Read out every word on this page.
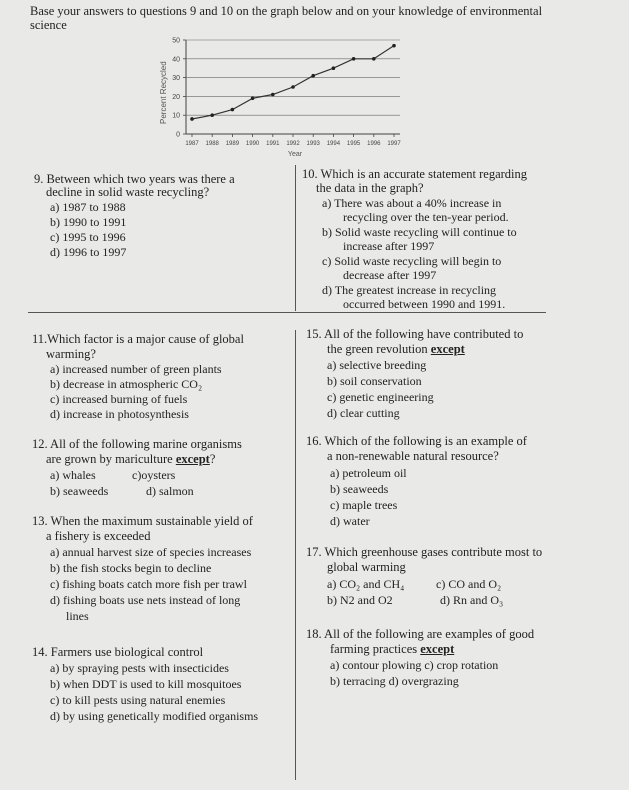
Base your answers to questions 9 and 10 on the graph below and on your knowledge of environmental
science
0
10
20
30
40
50
1987 1988 1989 1990 1991 1992 1993 1994 1995 1996 1997
Percent Recycled
Year
9. Between which two years was there a
decline in solid waste recycling?
a) 1987 to 1988
b) 1990 to 1991
c) 1995 to 1996
d) 1996 to 1997
10. Which is an accurate statement regarding
the data in the graph?
a) There was about a 40% increase in
recycling over the ten-year period.
b) Solid waste recycling will continue to
increase after 1997
c) Solid waste recycling will begin to
decrease after 1997
d) The greatest increase in recycling
occurred between 1990 and 1991.
11.Which factor is a major cause of global
warming?
a) increased number of green plants
b) decrease in atmospheric CO₂
c) increased burning of fuels
d) increase in photosynthesis
12. All of the following marine organisms
are grown by mariculture except?
a) whales	c)oysters
b) seaweeds	d) salmon
13. When the maximum sustainable yield of
a fishery is exceeded
a) annual harvest size of species increases
b) the fish stocks begin to decline
c) fishing boats catch more fish per trawl
d) fishing boats use nets instead of long
lines
14. Farmers use biological control
a) by spraying pests with insecticides
b) when DDT is used to kill mosquitoes
c) to kill pests using natural enemies
d) by using genetically modified organisms
15. All of the following have contributed to
the green revolution except
a) selective breeding
b) soil conservation
c) genetic engineering
d) clear cutting
16. Which of the following is an example of
a non-renewable natural resource?
a) petroleum oil
b) seaweeds
c) maple trees
d) water
17. Which greenhouse gases contribute most to
global warming
a) CO₂ and CH₄	c) CO and O₂
b) N2 and O2	d) Rn and O₃
18. All of the following are examples of good
farming practices except
a) contour plowing c) crop rotation
b) terracing d) overgrazing
